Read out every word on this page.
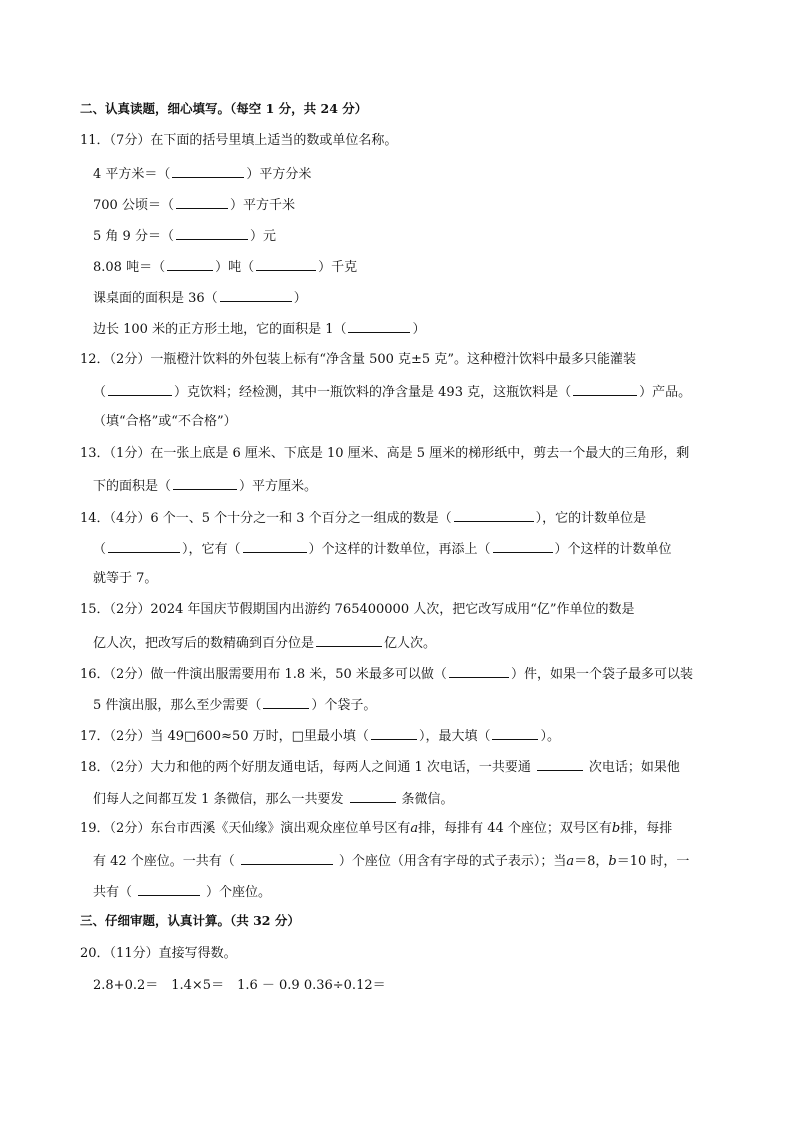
二、认真读题，细心填写。（每空 1 分，共 24 分）
11．（7分）在下面的括号里填上适当的数或单位名称。
4 平方米＝（	）平方分米
700 公顷＝（	）平方千米
5 角 9 分＝（	）元
8.08 吨＝（	）吨（	）千克
课桌面的面积是 36（	）
边长 100 米的正方形土地，它的面积是 1（	）
12．（2分）一瓶橙汁饮料的外包装上标有“净含量 500 克±5 克”。这种橙汁饮料中最多只能灌装
（	）克饮料；经检测，其中一瓶饮料的净含量是 493 克，这瓶饮料是（	）产品。
（填“合格”或“不合格”）
13．（1分）在一张上底是 6 厘米、下底是 10 厘米、高是 5 厘米的梯形纸中，剪去一个最大的三角形，剩
下的面积是（	）平方厘米。
14．（4分）6 个一、5 个十分之一和 3 个百分之一组成的数是（	），它的计数单位是
（	），它有（	）个这样的计数单位，再添上（	）个这样的计数单位
就等于 7。
15．（2分）2024 年国庆节假期国内出游约 765400000 人次，把它改写成用“亿”作单位的数是
亿人次，把改写后的数精确到百分位是	亿人次。
16．（2分）做一件演出服需要用布 1.8 米，50 米最多可以做（	）件，如果一个袋子最多可以装
5 件演出服，那么至少需要（	）个袋子。
17．（2分）当 49□600≈50 万时，□里最小填（	），最大填（	）。
18．（2分）大力和他的两个好朋友通电话，每两人之间通 1 次电话，一共要通	次电话；如果他
们每人之间都互发 1 条微信，那么一共要发	条微信。
19．（2分）东台市西溪《天仙缘》演出观众座位单号区有a排，每排有 44 个座位；双号区有b排，每排
有 42 个座位。一共有（	）个座位（用含有字母的式子表示）；当a＝8，b＝10 时，一
共有（	）个座位。
三、仔细审题，认真计算。（共 32 分）
20．（11分）直接写得数。
2.8+0.2＝　1.4×5＝　1.6 － 0.9 0.36÷0.12＝
